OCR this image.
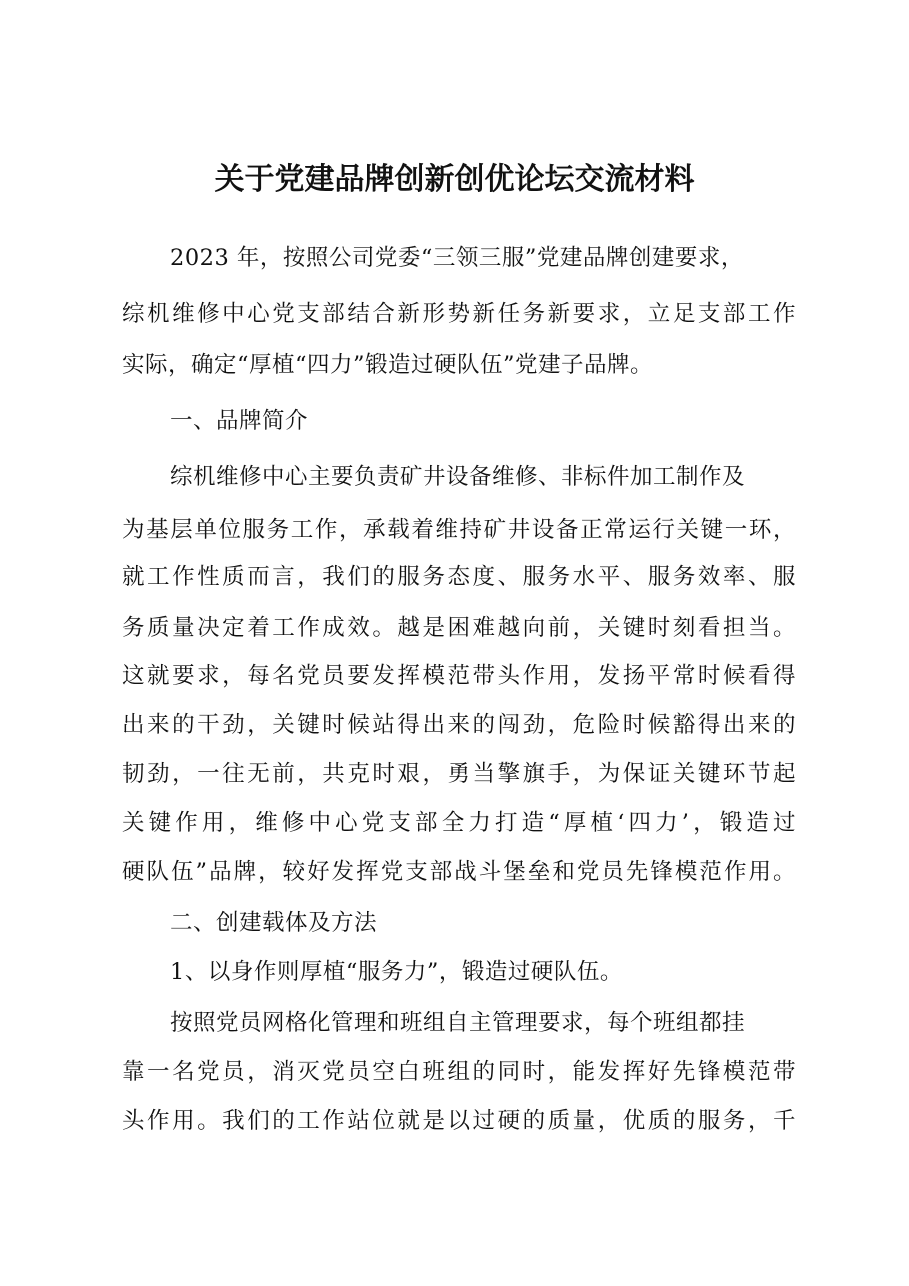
关于党建品牌创新创优论坛交流材料
2023 年，按照公司党委“三领三服”党建品牌创建要求，
综机维修中心党支部结合新形势新任务新要求，立足支部工作
实际，确定“厚植“四力”锻造过硬队伍”党建子品牌。
一、品牌简介
综机维修中心主要负责矿井设备维修、非标件加工制作及
为基层单位服务工作，承载着维持矿井设备正常运行关键一环，
就工作性质而言，我们的服务态度、服务水平、服务效率、服
务质量决定着工作成效。越是困难越向前，关键时刻看担当。
这就要求，每名党员要发挥模范带头作用，发扬平常时候看得
出来的干劲，关键时候站得出来的闯劲，危险时候豁得出来的
韧劲，一往无前，共克时艰，勇当擎旗手，为保证关键环节起
关键作用，维修中心党支部全力打造“厚植‘四力’，锻造过
硬队伍”品牌，较好发挥党支部战斗堡垒和党员先锋模范作用。
二、创建载体及方法
1、以身作则厚植“服务力”，锻造过硬队伍。
按照党员网格化管理和班组自主管理要求，每个班组都挂
靠一名党员，消灭党员空白班组的同时，能发挥好先锋模范带
头作用。我们的工作站位就是以过硬的质量，优质的服务，千
